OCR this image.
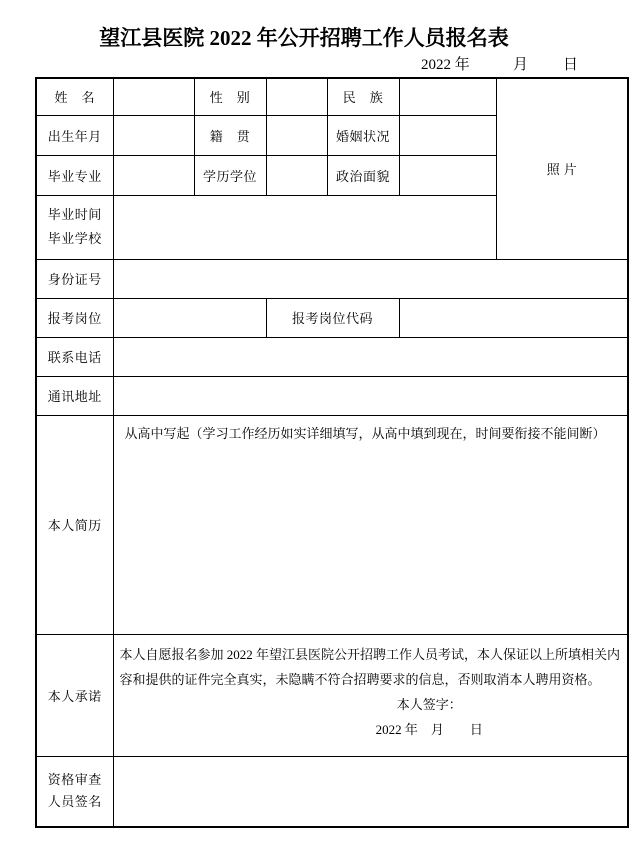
望江县医院 2022 年公开招聘工作人员报名表
2022 年	月 日
姓　名		性　别		民　族		照片
出生年月		籍　贯		婚姻状况		
毕业专业		学历学位		政治面貌		

毕业时间
毕业学校						

身份证号						
报考岗位			报考岗位代码			
联系电话						
通讯地址						
本人简历	从高中写起（学习工作经历如实详细填写，从高中填到现在，时间要衔接不能间断）					

本人承诺	本人自愿报名参加 2022 年望江县医院公开招聘工作人员考试，本人保证以上所填相关内容和提供的证件完全真实，未隐瞒不符合招聘要求的信息，否则取消本人聘用资格。
本人签字：
2022 年　月　　日					

资格审查
人员签名						
